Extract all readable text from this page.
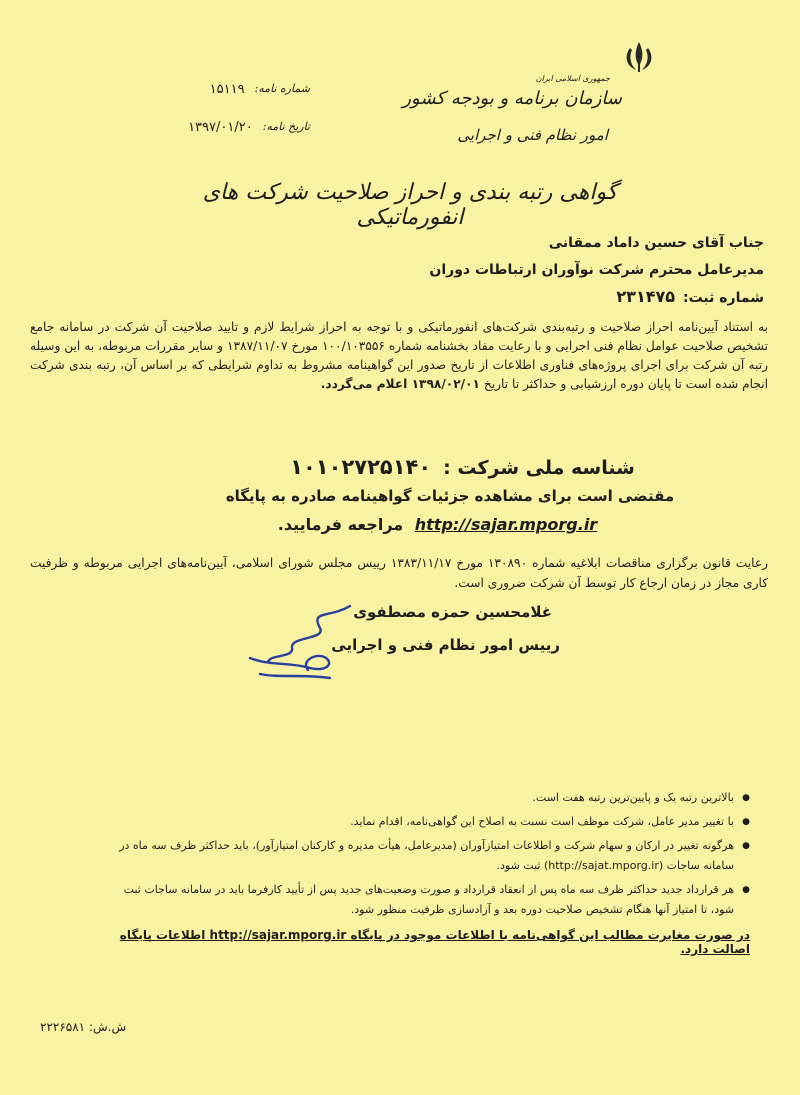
جمهوری اسلامی ایران
سازمان برنامه و بودجه کشور
امور نظام فنی و اجرایی
شماره نامه:
۱۵۱۱۹
تاریخ نامه:
۱۳۹۷/۰۱/۲۰
گواهی رتبه بندی و احراز صلاحیت شرکت های انفورماتیکی
جناب آقای حسین داماد ممقانی
مدیرعامل محترم شرکت نوآوران ارتباطات دوران
شماره ثبت:۲۳۱۴۷۵
به استناد آیین‌نامه احراز صلاحیت و رتبه‌بندی شرکت‌های انفورماتیکی و با توجه به احراز شرایط لازم و تایید صلاحیت آن شرکت در سامانه جامع تشخیص صلاحیت عوامل نظام فنی اجرایی و با رعایت مفاد بخشنامه شماره ۱۰۰/۱۰۳۵۵۶ مورخ ۱۳۸۷/۱۱/۰۷ و سایر مقررات مربوطه، به این وسیله رتبه آن شرکت برای اجرای پروژه‌های فناوری اطلاعات از تاریخ صدور این گواهینامه مشروط به تداوم شرایطی که بر اساس آن، رتبه بندی شرکت انجام شده است تا پایان دوره ارزشیابی و حداکثر تا تاریخ ۱۳۹۸/۰۲/۰۱ اعلام می‌گردد.
شناسه ملی شرکت :۱۰۱۰۲۷۲۵۱۴۰
مقتضی است برای مشاهده جزئیات گواهینامه صادره به پایگاه
http://sajar.mporg.ir مراجعه فرمایید.
رعایت قانون برگزاری مناقصات ابلاغیه شماره ۱۳۰۸۹۰ مورخ ۱۳۸۳/۱۱/۱۷ رییس مجلس شورای اسلامی، آیین‌نامه‌های اجرایی مربوطه و ظرفیت کاری مجاز در زمان ارجاع کار توسط آن شرکت ضروری است.
غلامحسین حمزه مصطفوی
رییس امور نظام فنی و اجرایی
● بالاترین رتبه یک و پایین‌ترین رتبه هفت است.
● با تغییر مدیر عامل، شرکت موظف است نسبت به اصلاح این گواهی‌نامه، اقدام نماید.
● هرگونه تغییر در ارکان و سهام شرکت و اطلاعات امتیازآوران (مدیرعامل، هیأت مدیره و کارکنان امتیازآور)، باید حداکثر ظرف سه ماه در سامانه ساجات (http://sajat.mporg.ir) ثبت شود.
● هر قرارداد جدید حداکثر ظرف سه ماه پس از انعقاد قرارداد و صورت وضعیت‌های جدید پس از تأیید کارفرما باید در سامانه ساجات ثبت شود، تا امتیاز آنها هنگام تشخیص صلاحیت دوره بعد و آزادسازی ظرفیت منظور شود.
در صورت مغایرت مطالب این گواهی‌نامه با اطلاعات موجود در پایگاه http://sajar.mporg.ir اطلاعات پایگاه اصالت دارد.
ش.ش: ۲۲۲۶۵۸۱
